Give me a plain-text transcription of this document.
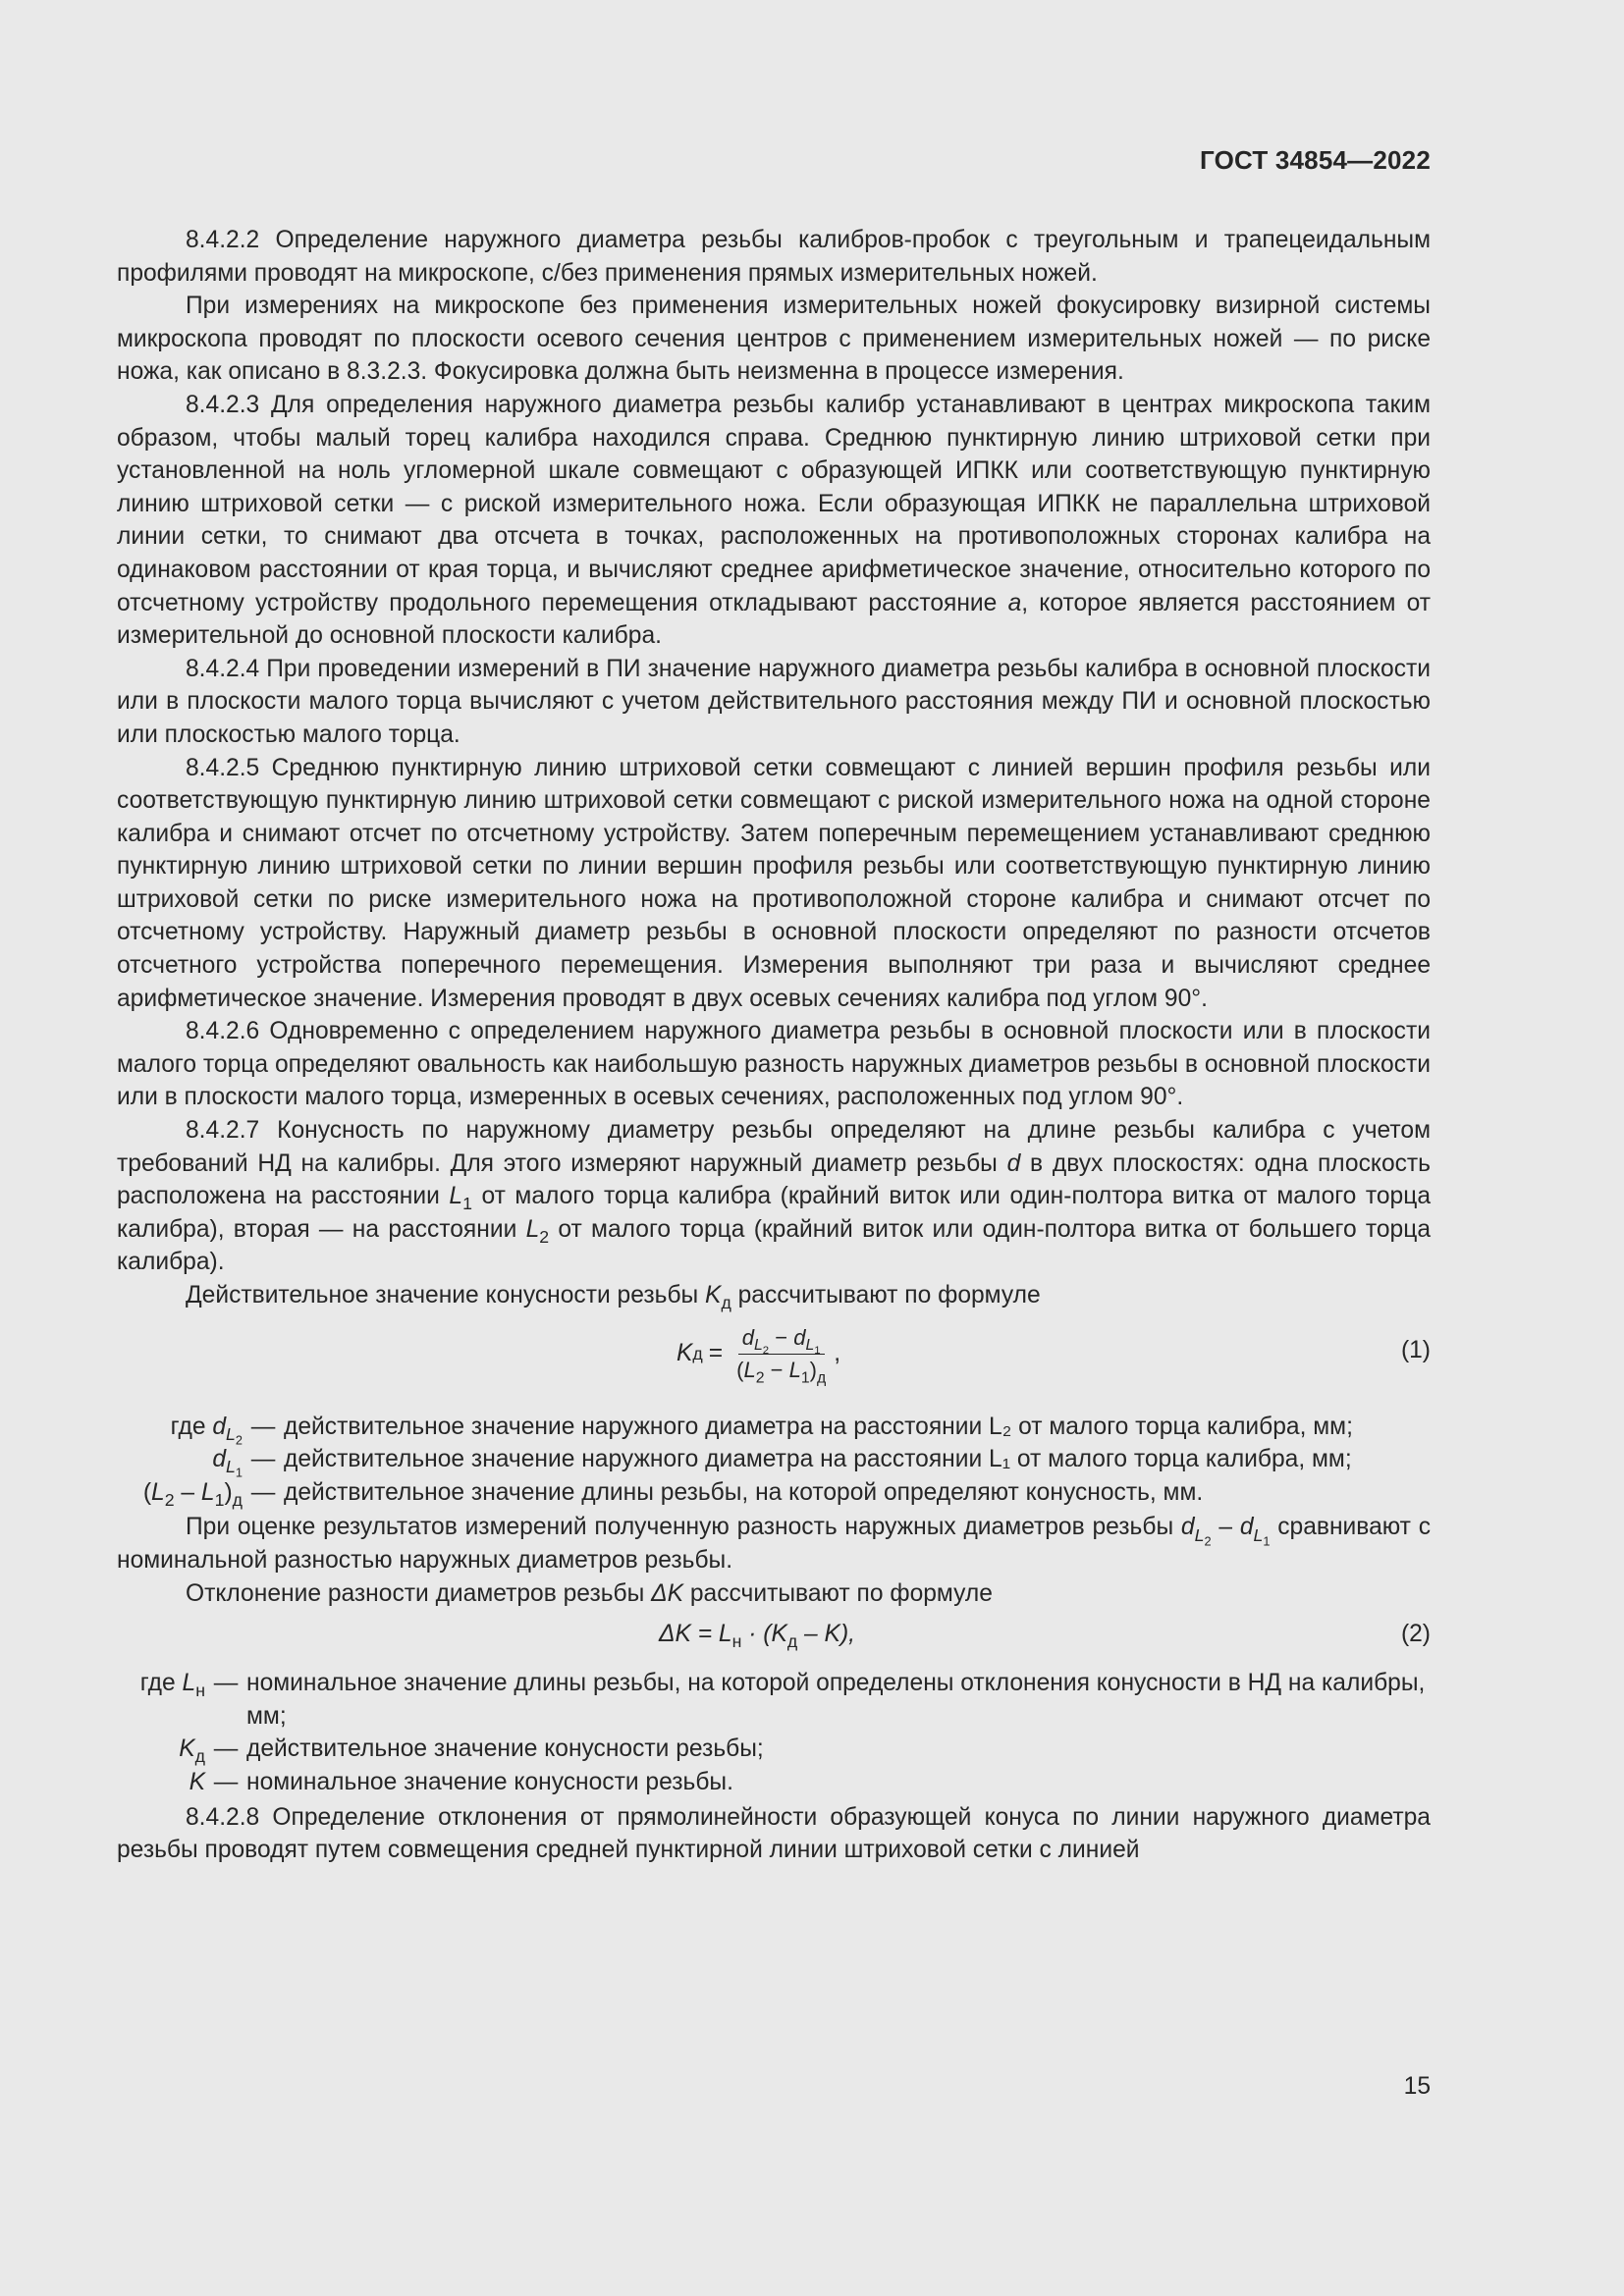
ГОСТ 34854—2022

8.4.2.2 Определение наружного диаметра резьбы калибров-пробок с треугольным и трапецеидальным профилями проводят на микроскопе, с/без применения прямых измерительных ножей.

При измерениях на микроскопе без применения измерительных ножей фокусировку визирной системы микроскопа проводят по плоскости осевого сечения центров с применением измерительных ножей — по риске ножа, как описано в 8.3.2.3. Фокусировка должна быть неизменна в процессе измерения.

8.4.2.3 Для определения наружного диаметра резьбы калибр устанавливают в центрах микроскопа таким образом, чтобы малый торец калибра находился справа. Среднюю пунктирную линию штриховой сетки при установленной на ноль угломерной шкале совмещают с образующей ИПКК или соответствующую пунктирную линию штриховой сетки — с риской измерительного ножа. Если образующая ИПКК не параллельна штриховой линии сетки, то снимают два отсчета в точках, расположенных на противоположных сторонах калибра на одинаковом расстоянии от края торца, и вычисляют среднее арифметическое значение, относительно которого по отсчетному устройству продольного перемещения откладывают расстояние a, которое является расстоянием от измерительной до основной плоскости калибра.

8.4.2.4 При проведении измерений в ПИ значение наружного диаметра резьбы калибра в основной плоскости или в плоскости малого торца вычисляют с учетом действительного расстояния между ПИ и основной плоскостью или плоскостью малого торца.

8.4.2.5 Среднюю пунктирную линию штриховой сетки совмещают с линией вершин профиля резьбы или соответствующую пунктирную линию штриховой сетки совмещают с риской измерительного ножа на одной стороне калибра и снимают отсчет по отсчетному устройству. Затем поперечным перемещением устанавливают среднюю пунктирную линию штриховой сетки по линии вершин профиля резьбы или соответствующую пунктирную линию штриховой сетки по риске измерительного ножа на противоположной стороне калибра и снимают отсчет по отсчетному устройству. Наружный диаметр резьбы в основной плоскости определяют по разности отсчетов отсчетного устройства поперечного перемещения. Измерения выполняют три раза и вычисляют среднее арифметическое значение. Измерения проводят в двух осевых сечениях калибра под углом 90°.

8.4.2.6 Одновременно с определением наружного диаметра резьбы в основной плоскости или в плоскости малого торца определяют овальность как наибольшую разность наружных диаметров резьбы в основной плоскости или в плоскости малого торца, измеренных в осевых сечениях, расположенных под углом 90°.

8.4.2.7 Конусность по наружному диаметру резьбы определяют на длине резьбы калибра с учетом требований НД на калибры. Для этого измеряют наружный диаметр резьбы d в двух плоскостях: одна плоскость расположена на расстоянии $L_1$ от малого торца калибра (крайний виток или один-полтора витка от малого торца калибра), вторая — на расстоянии $L_2$ от малого торца (крайний виток или один-полтора витка от большего торца калибра).

Действительное значение конусности резьбы $K_д$ рассчитывают по формуле

K $д = \frac{d_{L_2} - d_{L_1}}{(L_2 - L_1)_д}$ ,	(1)
где $d_{L_2}$
— действительное значение наружного диаметра на расстоянии L₂ от малого торца калибра, мм;
$d_{L_1}$
— действительное значение наружного диаметра на расстоянии L₁ от малого торца калибра, мм;
$(L_2 - L_1)_д$ — действительное значение длины резьбы, на которой определяют конусность, мм.

При оценке результатов измерений полученную разность наружных диаметров резьбы $d_{L_2} - d_{L_1}$ сравнивают с номинальной разностью наружных диаметров резьбы.

Отклонение разности диаметров резьбы ΔK рассчитывают по формуле

$\Delta K = L_н \cdot (K_д - K)$,	(2)
где $L_н$ — номинальное значение длины резьбы, на которой определены отклонения конусности в НД на калибры, мм;
$K_д$ — действительное значение конусности резьбы;
K — номинальное значение конусности резьбы.

8.4.2.8 Определение отклонения от прямолинейности образующей конуса по линии наружного диаметра резьбы проводят путем совмещения средней пунктирной линии штриховой сетки с линией

15
